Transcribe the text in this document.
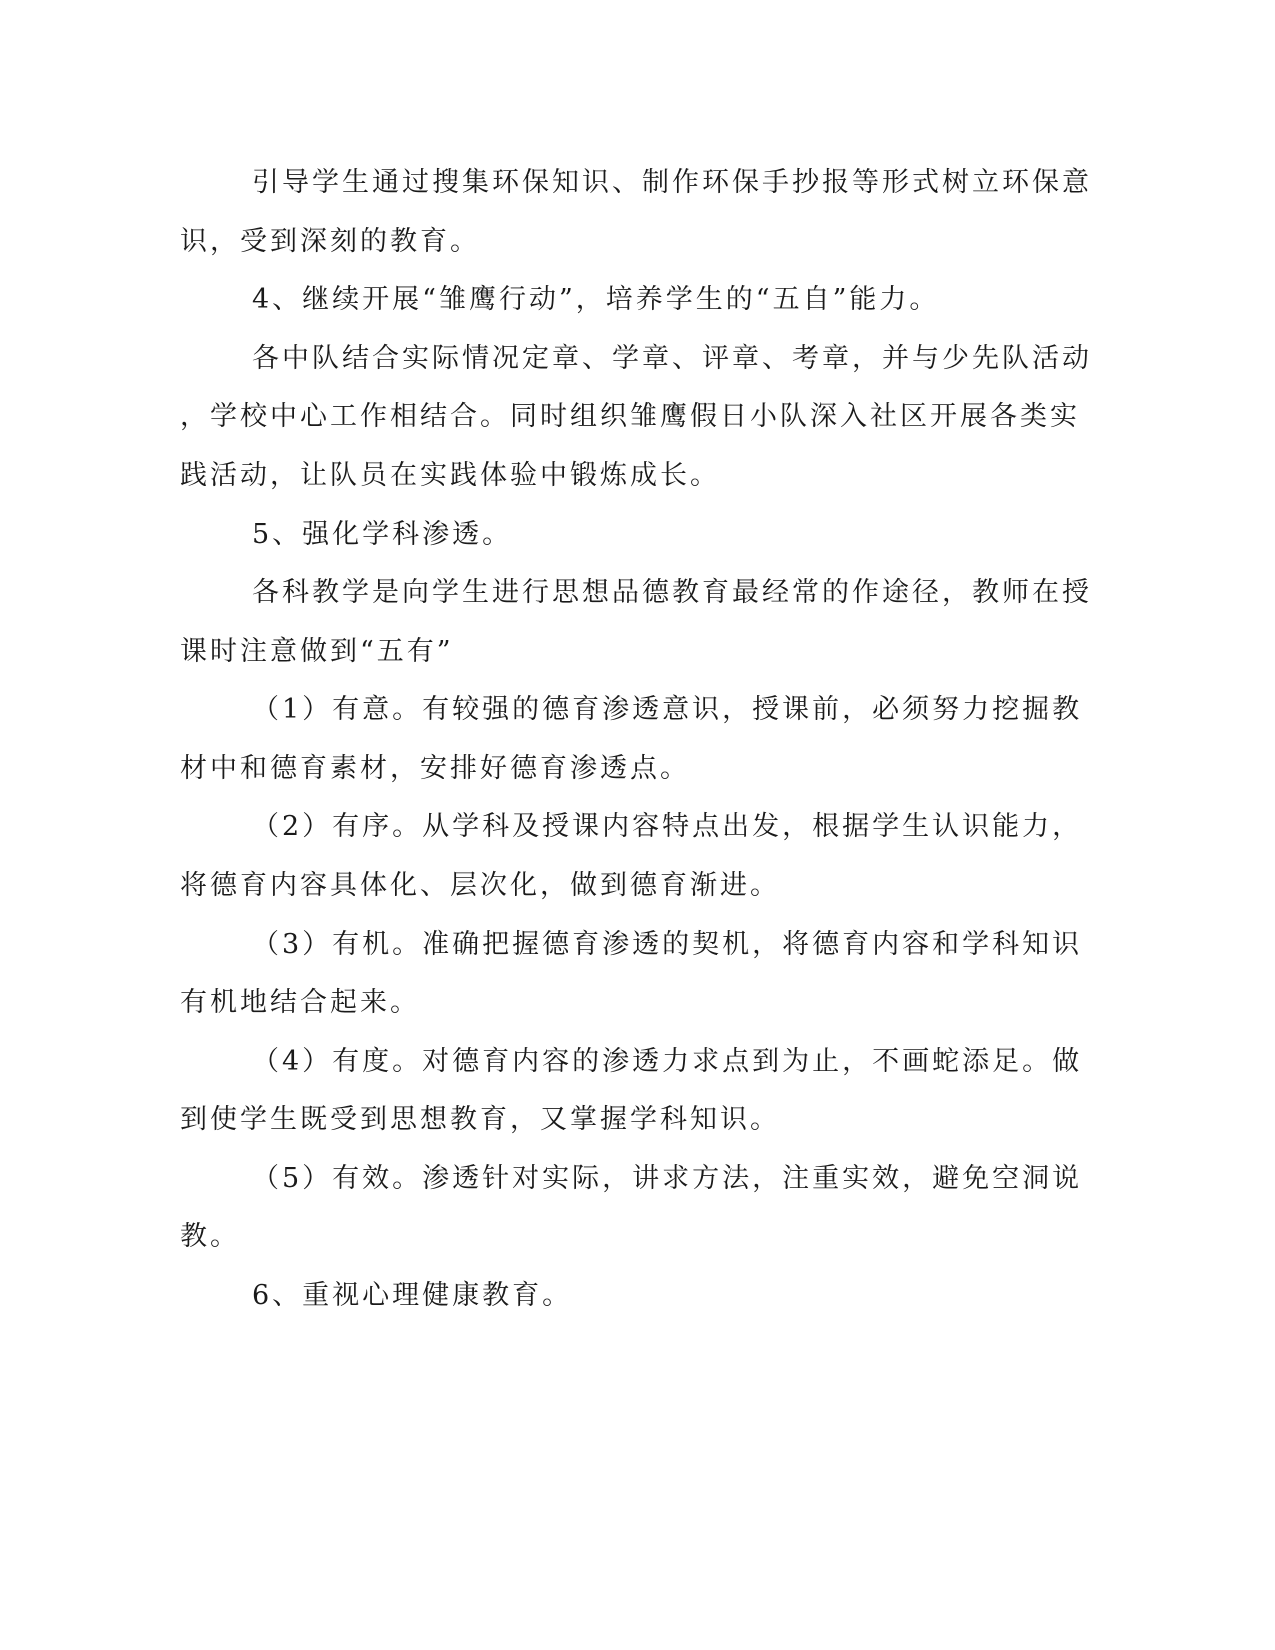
引导学生通过搜集环保知识、制作环保手抄报等形式树立环保意
识，受到深刻的教育。
4、继续开展“雏鹰行动”，培养学生的“五自”能力。
各中队结合实际情况定章、学章、评章、考章，并与少先队活动
，学校中心工作相结合。同时组织雏鹰假日小队深入社区开展各类实
践活动，让队员在实践体验中锻炼成长。
5、强化学科渗透。
各科教学是向学生进行思想品德教育最经常的作途径，教师在授
课时注意做到“五有”
（1）有意。有较强的德育渗透意识，授课前，必须努力挖掘教
材中和德育素材，安排好德育渗透点。
（2）有序。从学科及授课内容特点出发，根据学生认识能力，
将德育内容具体化、层次化，做到德育渐进。
（3）有机。准确把握德育渗透的契机，将德育内容和学科知识
有机地结合起来。
（4）有度。对德育内容的渗透力求点到为止，不画蛇添足。做
到使学生既受到思想教育，又掌握学科知识。
（5）有效。渗透针对实际，讲求方法，注重实效，避免空洞说
教。
6、重视心理健康教育。
